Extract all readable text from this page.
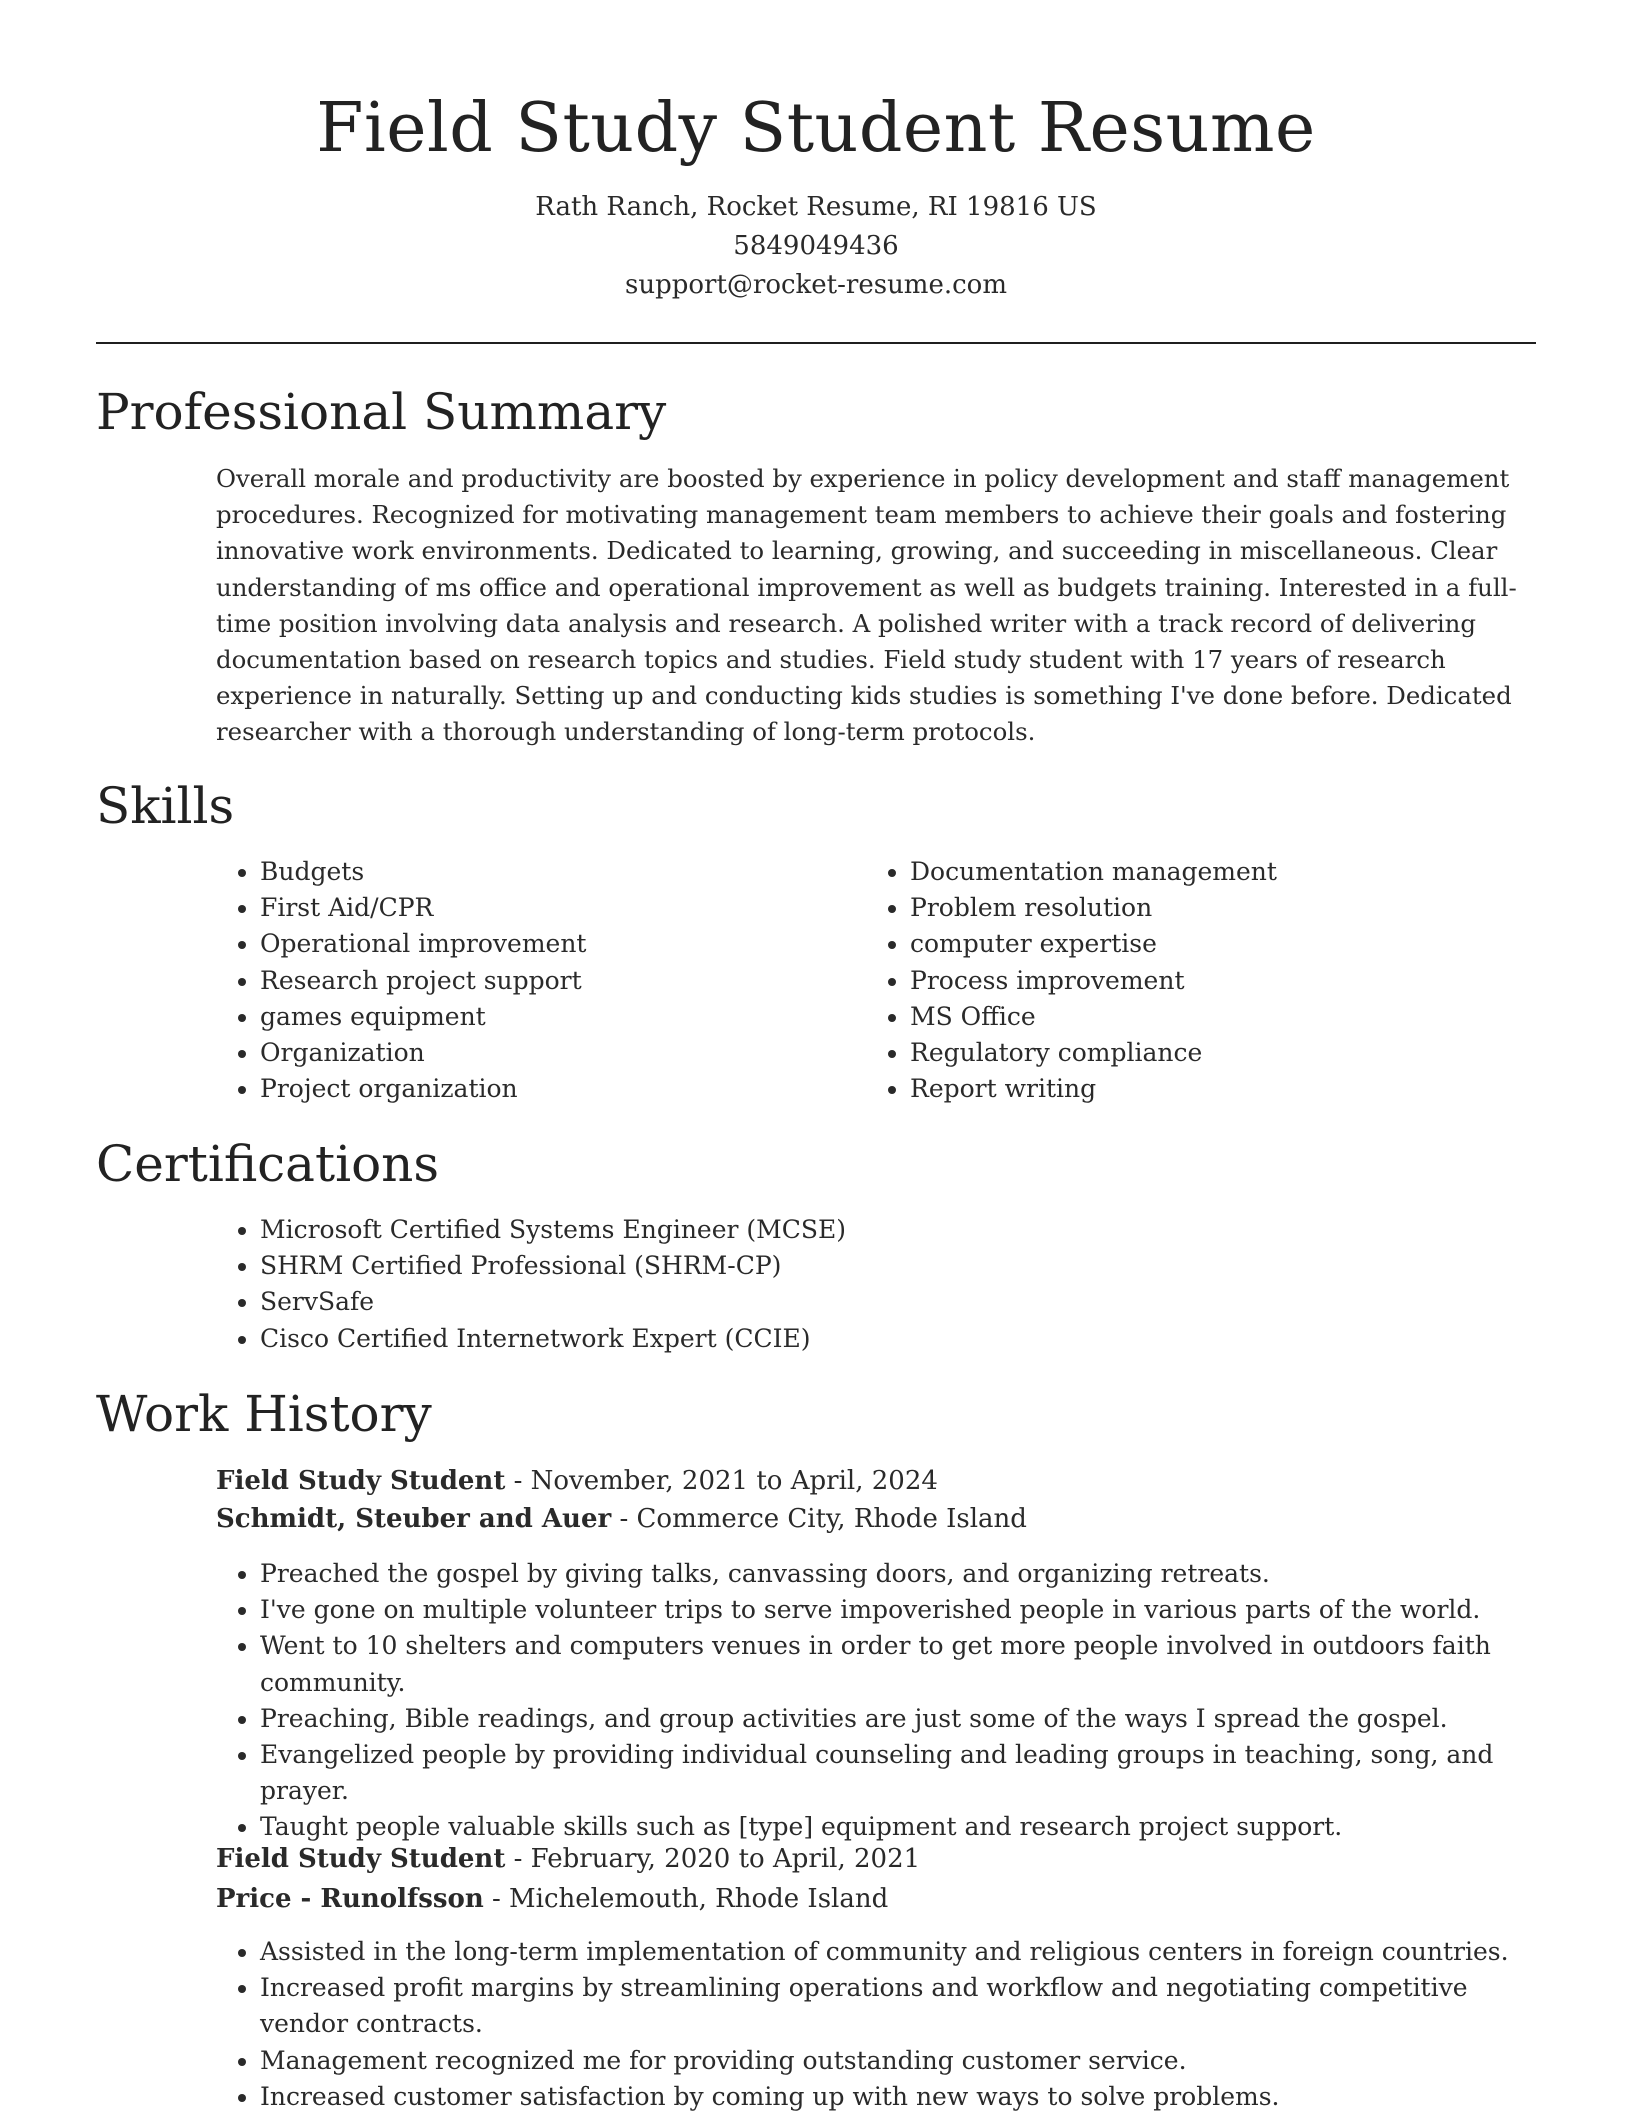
Field Study Student Resume

Rath Ranch, Rocket Resume, RI 19816 US

5849049436

support@rocket-resume.com

Professional Summary

Overall morale and productivity are boosted by experience in policy development and staff management procedures. Recognized for motivating management team members to achieve their goals and fostering innovative work environments. Dedicated to learning, growing, and succeeding in miscellaneous. Clear understanding of ms office and operational improvement as well as budgets training. Interested in a full-time position involving data analysis and research. A polished writer with a track record of delivering documentation based on research topics and studies. Field study student with 17 years of research experience in naturally. Setting up and conducting kids studies is something I've done before. Dedicated researcher with a thorough understanding of long-term protocols.

Skills
• Budgets
• First Aid/CPR
• Operational improvement
• Research project support
• games equipment
• Organization
• Project organization
• Documentation management
• Problem resolution
• computer expertise
• Process improvement
• MS Office
• Regulatory compliance
• Report writing
Certifications
• Microsoft Certified Systems Engineer (MCSE)
• SHRM Certified Professional (SHRM-CP)
• ServSafe
• Cisco Certified Internetwork Expert (CCIE)
Work History

Field Study Student - November, 2021 to April, 2024

Schmidt, Steuber and Auer - Commerce City, Rhode Island

• Preached the gospel by giving talks, canvassing doors, and organizing retreats.
• I've gone on multiple volunteer trips to serve impoverished people in various parts of the world.
• Went to 10 shelters and computers venues in order to get more people involved in outdoors faith community.
• Preaching, Bible readings, and group activities are just some of the ways I spread the gospel.
• Evangelized people by providing individual counseling and leading groups in teaching, song, and prayer.
• Taught people valuable skills such as [type] equipment and research project support.

Field Study Student - February, 2020 to April, 2021

Price - Runolfsson - Michelemouth, Rhode Island

• Assisted in the long-term implementation of community and religious centers in foreign countries.
• Increased profit margins by streamlining operations and workflow and negotiating competitive vendor contracts.
• Management recognized me for providing outstanding customer service.
• Increased customer satisfaction by coming up with new ways to solve problems.
